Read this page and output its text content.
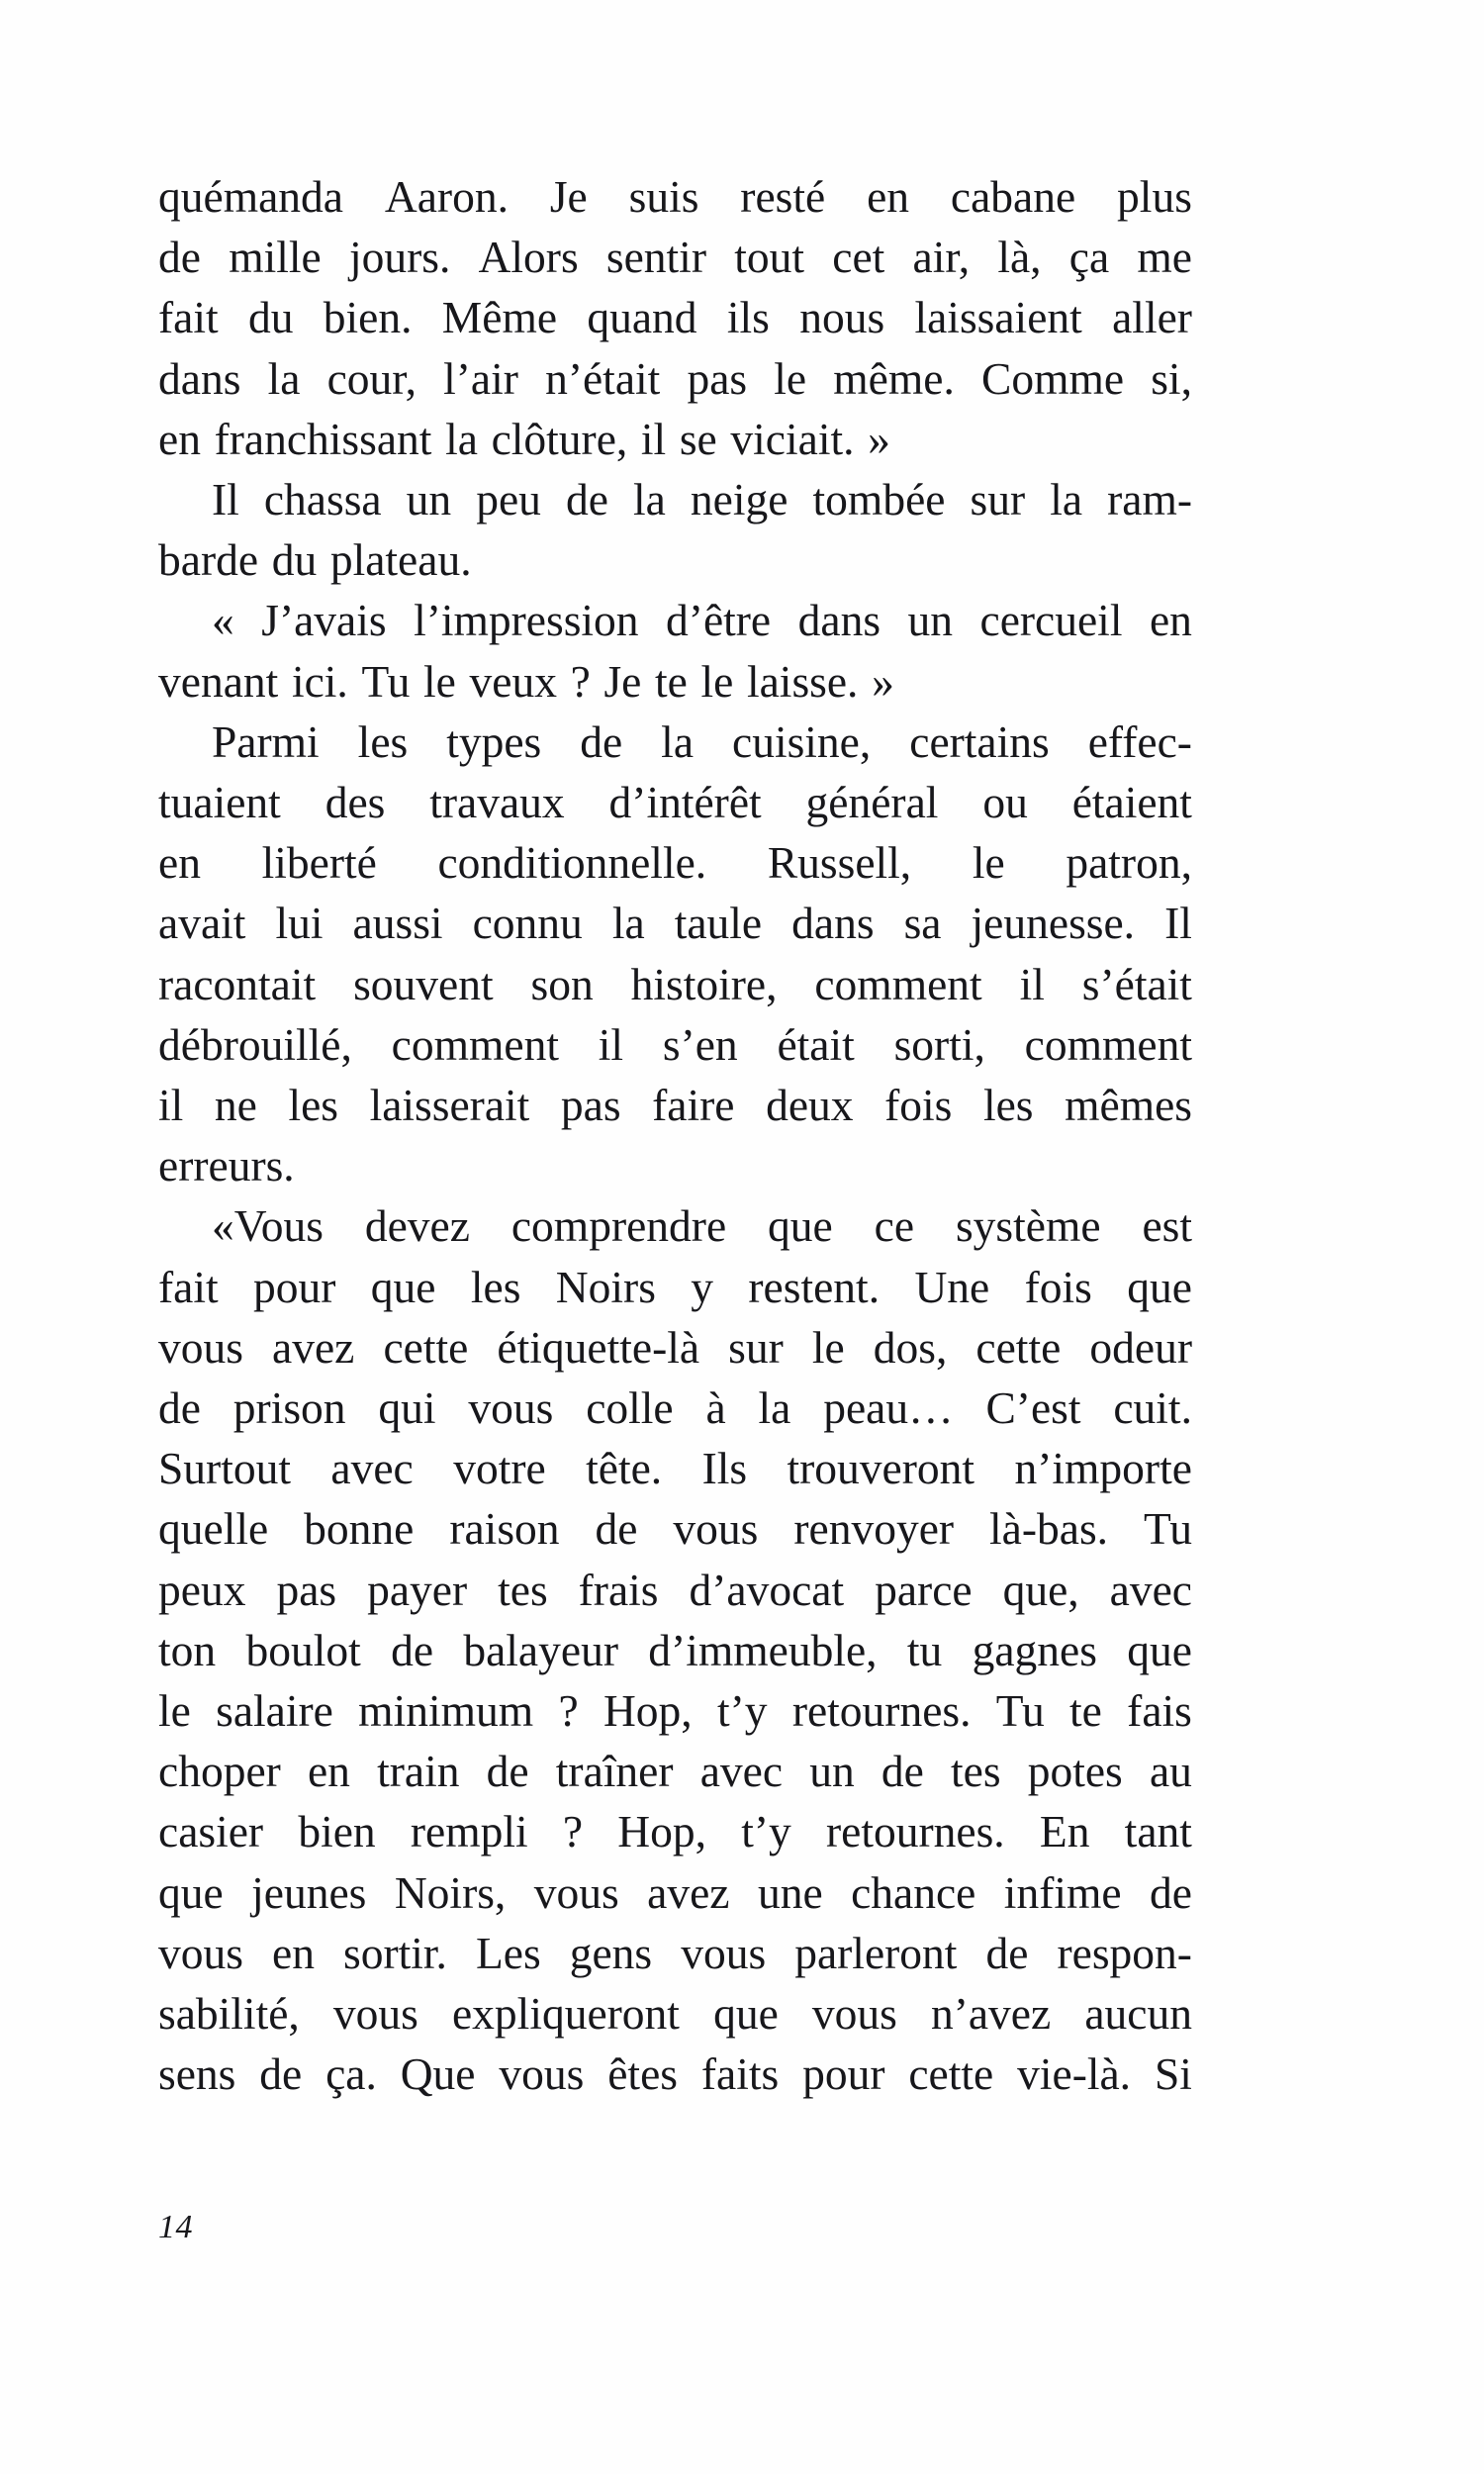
quémanda Aaron. Je suis resté en cabane plus
de mille jours. Alors sentir tout cet air, là, ça me
fait du bien. Même quand ils nous laissaient aller
dans la cour, l’air n’était pas le même. Comme si,
en franchissant la clôture, il se viciait. »

Il chassa un peu de la neige tombée sur la ram-
barde du plateau.

« J’avais l’impression d’être dans un cercueil en
venant ici. Tu le veux ? Je te le laisse. »

Parmi les types de la cuisine, certains effec-
tuaient des travaux d’intérêt général ou étaient
en liberté conditionnelle. Russell, le patron,
avait lui aussi connu la taule dans sa jeunesse. Il
racontait souvent son histoire, comment il s’était
débrouillé, comment il s’en était sorti, comment
il ne les laisserait pas faire deux fois les mêmes
erreurs.

«Vous devez comprendre que ce système est
fait pour que les Noirs y restent. Une fois que
vous avez cette étiquette-là sur le dos, cette odeur
de prison qui vous colle à la peau… C’est cuit.
Surtout avec votre tête. Ils trouveront n’importe
quelle bonne raison de vous renvoyer là-bas. Tu
peux pas payer tes frais d’avocat parce que, avec
ton boulot de balayeur d’immeuble, tu gagnes que
le salaire minimum ? Hop, t’y retournes. Tu te fais
choper en train de traîner avec un de tes potes au
casier bien rempli ? Hop, t’y retournes. En tant
que jeunes Noirs, vous avez une chance infime de
vous en sortir. Les gens vous parleront de respon-
sabilité, vous expliqueront que vous n’avez aucun
sens de ça. Que vous êtes faits pour cette vie-là. Si

14
